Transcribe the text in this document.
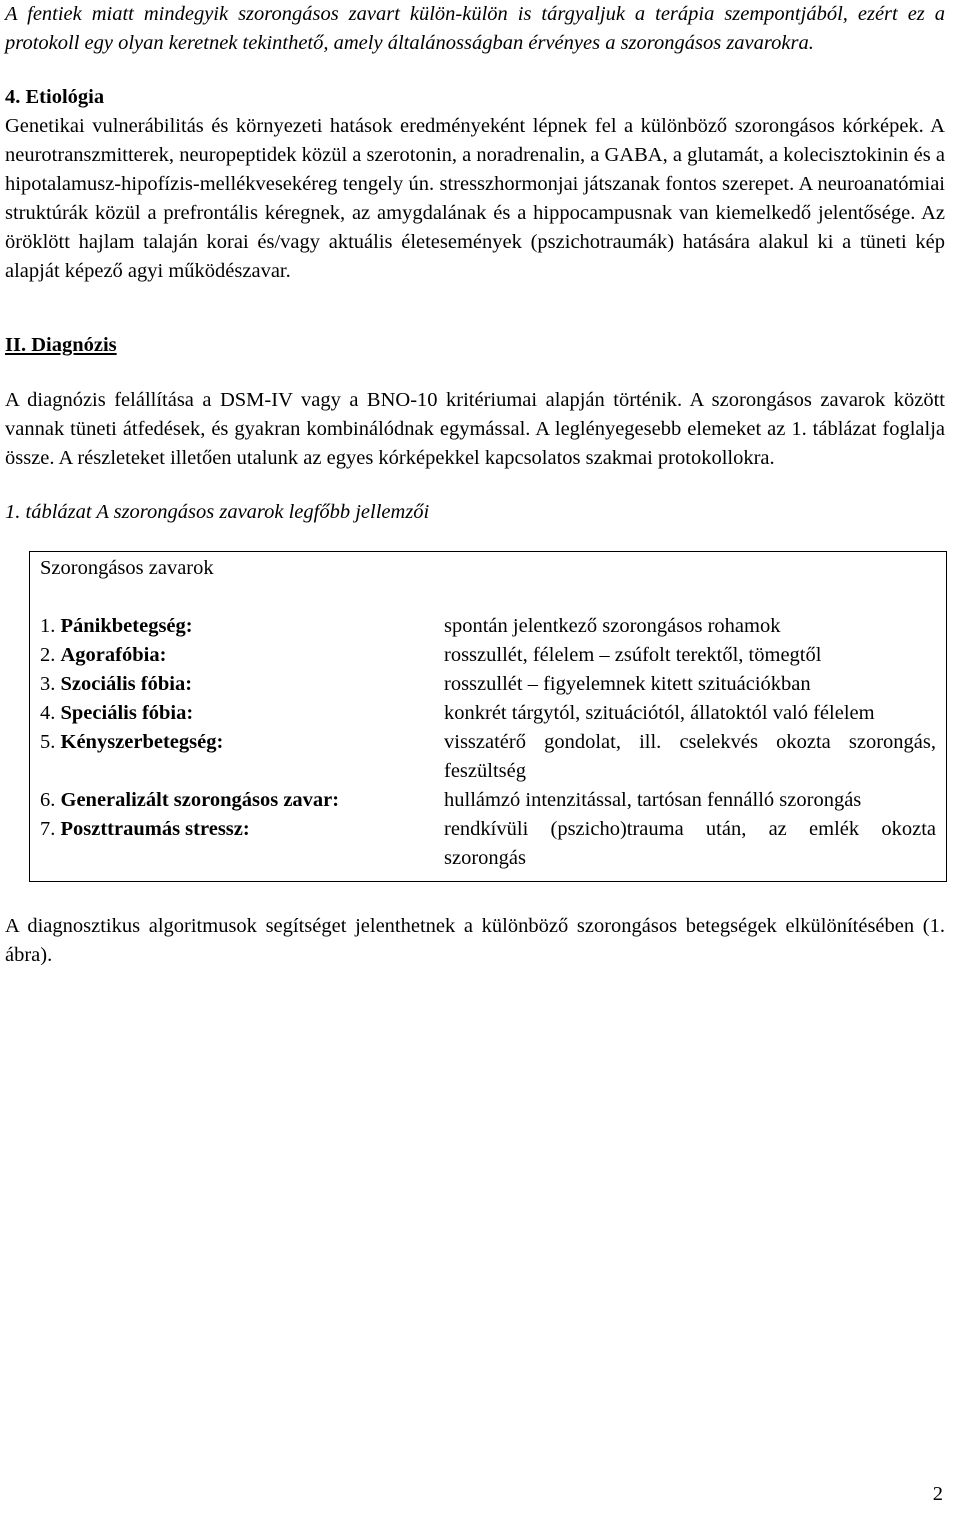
A fentiek miatt mindegyik szorongásos zavart külön-külön is tárgyaljuk a terápia szempontjából, ezért ez a protokoll egy olyan keretnek tekinthető, amely általánosságban érvényes a szorongásos zavarokra.

4. Etiológia

Genetikai vulnerábilitás és környezeti hatások eredményeként lépnek fel a különböző szorongásos kórképek. A neurotranszmitterek, neuropeptidek közül a szerotonin, a noradrenalin, a GABA, a glutamát, a kolecisztokinin és a hipotalamusz-hipofízis-mellékvesekéreg tengely ún. stresszhormonjai játszanak fontos szerepet. A neuroanatómiai struktúrák közül a prefrontális kéregnek, az amygdalának és a hippocampusnak van kiemelkedő jelentősége. Az öröklött hajlam talaján korai és/vagy aktuális életesemények (pszichotraumák) hatására alakul ki a tüneti kép alapját képező agyi működészavar.

II. Diagnózis

A diagnózis felállítása a DSM-IV vagy a BNO-10 kritériumai alapján történik. A szorongásos zavarok között vannak tüneti átfedések, és gyakran kombinálódnak egymással. A leglényegesebb elemeket az 1. táblázat foglalja össze. A részleteket illetően utalunk az egyes kórképekkel kapcsolatos szakmai protokollokra.

1. táblázat A szorongásos zavarok legfőbb jellemzői

Szorongásos zavarok
1. Pánikbetegség:	spontán jelentkező szorongásos rohamok
2. Agorafóbia:	rosszullét, félelem – zsúfolt terektől, tömegtől
3. Szociális fóbia:	rosszullét – figyelemnek kitett szituációkban
4. Speciális fóbia:	konkrét tárgytól, szituációtól, állatoktól való félelem
5. Kényszerbetegség:	visszatérő gondolat, ill. cselekvés okozta szorongás, feszültség
6. Generalizált szorongásos zavar:	hullámzó intenzitással, tartósan fennálló szorongás
7. Poszttraumás stressz:	rendkívüli (pszicho)trauma után, az emlék okozta szorongás

A diagnosztikus algoritmusok segítséget jelenthetnek a különböző szorongásos betegségek elkülönítésében (1. ábra).

2
